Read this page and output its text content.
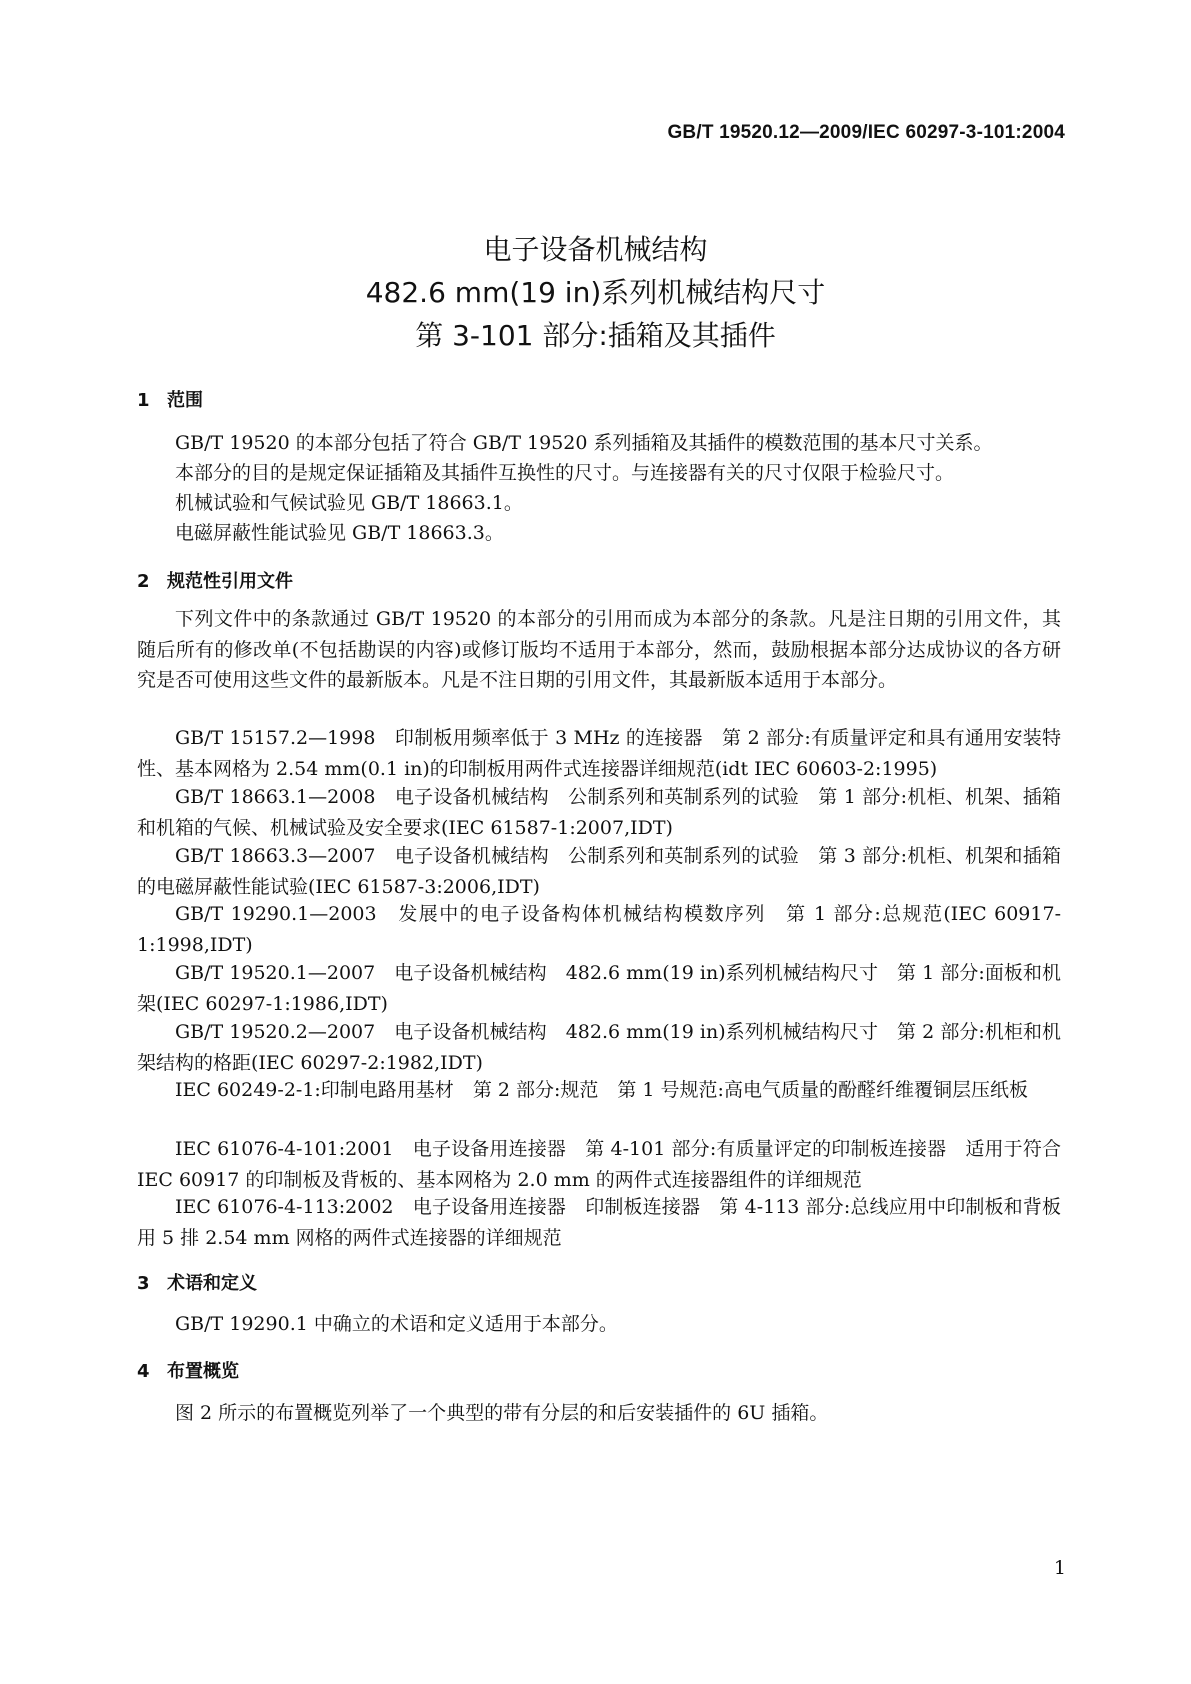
GB/T 19520.12—2009/IEC 60297-3-101:2004
电子设备机械结构
482.6 mm(19 in)系列机械结构尺寸
第 3-101 部分:插箱及其插件
1 范围
GB/T 19520 的本部分包括了符合 GB/T 19520 系列插箱及其插件的模数范围的基本尺寸关系。
本部分的目的是规定保证插箱及其插件互换性的尺寸。与连接器有关的尺寸仅限于检验尺寸。
机械试验和气候试验见 GB/T 18663.1。
电磁屏蔽性能试验见 GB/T 18663.3。
2 规范性引用文件
下列文件中的条款通过 GB/T 19520 的本部分的引用而成为本部分的条款。凡是注日期的引用文件，其随后所有的修改单(不包括勘误的内容)或修订版均不适用于本部分，然而，鼓励根据本部分达成协议的各方研究是否可使用这些文件的最新版本。凡是不注日期的引用文件，其最新版本适用于本部分。
GB/T 15157.2—1998　印制板用频率低于 3 MHz 的连接器　第 2 部分:有质量评定和具有通用安装特性、基本网格为 2.54 mm(0.1 in)的印制板用两件式连接器详细规范(idt IEC 60603-2:1995)
GB/T 18663.1—2008　电子设备机械结构　公制系列和英制系列的试验　第 1 部分:机柜、机架、插箱和机箱的气候、机械试验及安全要求(IEC 61587-1:2007,IDT)
GB/T 18663.3—2007　电子设备机械结构　公制系列和英制系列的试验　第 3 部分:机柜、机架和插箱的电磁屏蔽性能试验(IEC 61587-3:2006,IDT)
GB/T 19290.1—2003　发展中的电子设备构体机械结构模数序列　第 1 部分:总规范(IEC 60917-1:1998,IDT)
GB/T 19520.1—2007　电子设备机械结构　482.6 mm(19 in)系列机械结构尺寸　第 1 部分:面板和机架(IEC 60297-1:1986,IDT)
GB/T 19520.2—2007　电子设备机械结构　482.6 mm(19 in)系列机械结构尺寸　第 2 部分:机柜和机架结构的格距(IEC 60297-2:1982,IDT)
IEC 60249-2-1:印制电路用基材　第 2 部分:规范　第 1 号规范:高电气质量的酚醛纤维覆铜层压纸板
IEC 61076-4-101:2001　电子设备用连接器　第 4-101 部分:有质量评定的印制板连接器　适用于符合 IEC 60917 的印制板及背板的、基本网格为 2.0 mm 的两件式连接器组件的详细规范
IEC 61076-4-113:2002　电子设备用连接器　印制板连接器　第 4-113 部分:总线应用中印制板和背板用 5 排 2.54 mm 网格的两件式连接器的详细规范
3 术语和定义
GB/T 19290.1 中确立的术语和定义适用于本部分。
4 布置概览
图 2 所示的布置概览列举了一个典型的带有分层的和后安装插件的 6U 插箱。
1
